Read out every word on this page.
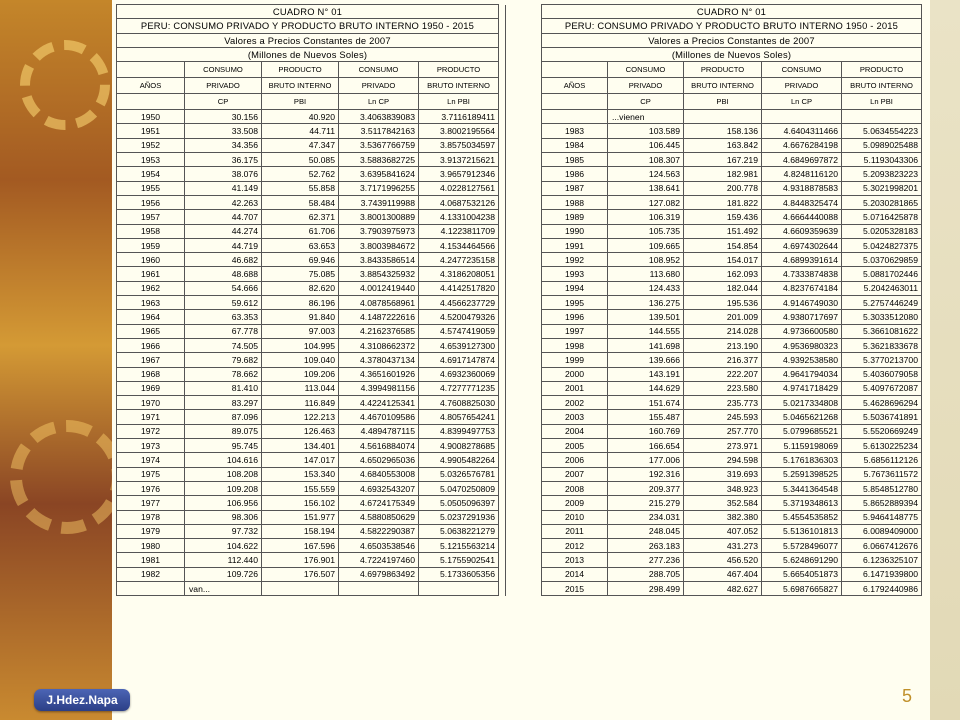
CUADRO N° 01					
PERU: CONSUMO PRIVADO Y PRODUCTO BRUTO INTERNO 1950 - 2015					
Valores a Precios Constantes de 2007					
(Millones de Nuevos Soles)					
	CONSUMO	PRODUCTO	CONSUMO	PRODUCTO	
AÑOS	PRIVADO	BRUTO INTERNO	PRIVADO	BRUTO INTERNO	
	CP	PBI	Ln CP	Ln PBI	
1950	30.156	40.920	3.4063839083	3.7116189411	
1951	33.508	44.711	3.5117842163	3.8002195564	
1952	34.356	47.347	3.5367766759	3.8575034597	
1953	36.175	50.085	3.5883682725	3.9137215621	
1954	38.076	52.762	3.6395841624	3.9657912346	
1955	41.149	55.858	3.7171996255	4.0228127561	
1956	42.263	58.484	3.7439119988	4.0687532126	
1957	44.707	62.371	3.8001300889	4.1331004238	
1958	44.274	61.706	3.7903975973	4.1223811709	
1959	44.719	63.653	3.8003984672	4.1534464566	
1960	46.682	69.946	3.8433586514	4.2477235158	
1961	48.688	75.085	3.8854325932	4.3186208051	
1962	54.666	82.620	4.0012419440	4.4142517820	
1963	59.612	86.196	4.0878568961	4.4566237729	
1964	63.353	91.840	4.1487222616	4.5200479326	
1965	67.778	97.003	4.2162376585	4.5747419059	
1966	74.505	104.995	4.3108662372	4.6539127300	
1967	79.682	109.040	4.3780437134	4.6917147874	
1968	78.662	109.206	4.3651601926	4.6932360069	
1969	81.410	113.044	4.3994981156	4.7277771235	
1970	83.297	116.849	4.4224125341	4.7608825030	
1971	87.096	122.213	4.4670109586	4.8057654241	
1972	89.075	126.463	4.4894787115	4.8399497753	
1973	95.745	134.401	4.5616884074	4.9008278685	
1974	104.616	147.017	4.6502965036	4.9905482264	
1975	108.208	153.340	4.6840553008	5.0326576781	
1976	109.208	155.559	4.6932543207	5.0470250809	
1977	106.956	156.102	4.6724175349	5.0505096397	
1978	98.306	151.977	4.5880850629	5.0237291936	
1979	97.732	158.194	4.5822290387	5.0638221279	
1980	104.622	167.596	4.6503538546	5.1215563214	
1981	112.440	176.901	4.7224197460	5.1755902541	
1982	109.726	176.507	4.6979863492	5.1733605356	
	van...				
CUADRO N° 01				
PERU: CONSUMO PRIVADO Y PRODUCTO BRUTO INTERNO 1950 - 2015				
Valores a Precios Constantes de 2007				
(Millones de Nuevos Soles)				
	CONSUMO	PRODUCTO	CONSUMO	PRODUCTO
AÑOS	PRIVADO	BRUTO INTERNO	PRIVADO	BRUTO INTERNO
	CP	PBI	Ln CP	Ln PBI
	...vienen			
1983	103.589	158.136	4.6404311466	5.0634554223
1984	106.445	163.842	4.6676284198	5.0989025488
1985	108.307	167.219	4.6849697872	5.1193043306
1986	124.563	182.981	4.8248116120	5.2093823223
1987	138.641	200.778	4.9318878583	5.3021998201
1988	127.082	181.822	4.8448325474	5.2030281865
1989	106.319	159.436	4.6664440088	5.0716425878
1990	105.735	151.492	4.6609359639	5.0205328183
1991	109.665	154.854	4.6974302644	5.0424827375
1992	108.952	154.017	4.6899391614	5.0370629859
1993	113.680	162.093	4.7333874838	5.0881702446
1994	124.433	182.044	4.8237674184	5.2042463011
1995	136.275	195.536	4.9146749030	5.2757446249
1996	139.501	201.009	4.9380717697	5.3033512080
1997	144.555	214.028	4.9736600580	5.3661081622
1998	141.698	213.190	4.9536980323	5.3621833678
1999	139.666	216.377	4.9392538580	5.3770213700
2000	143.191	222.207	4.9641794034	5.4036079058
2001	144.629	223.580	4.9741718429	5.4097672087
2002	151.674	235.773	5.0217334808	5.4628696294
2003	155.487	245.593	5.0465621268	5.5036741891
2004	160.769	257.770	5.0799685521	5.5520669249
2005	166.654	273.971	5.1159198069	5.6130225234
2006	177.006	294.598	5.1761836303	5.6856112126
2007	192.316	319.693	5.2591398525	5.7673611572
2008	209.377	348.923	5.3441364548	5.8548512780
2009	215.279	352.584	5.3719348613	5.8652889394
2010	234.031	382.380	5.4554535852	5.9464148775
2011	248.045	407.052	5.5136101813	6.0089409000
2012	263.183	431.273	5.5728496077	6.0667412676
2013	277.236	456.520	5.6248691290	6.1236325107
2014	288.705	467.404	5.6654051873	6.1471939800
2015	298.499	482.627	5.6987665827	6.1792440986
J.Hdez.Napa	5
